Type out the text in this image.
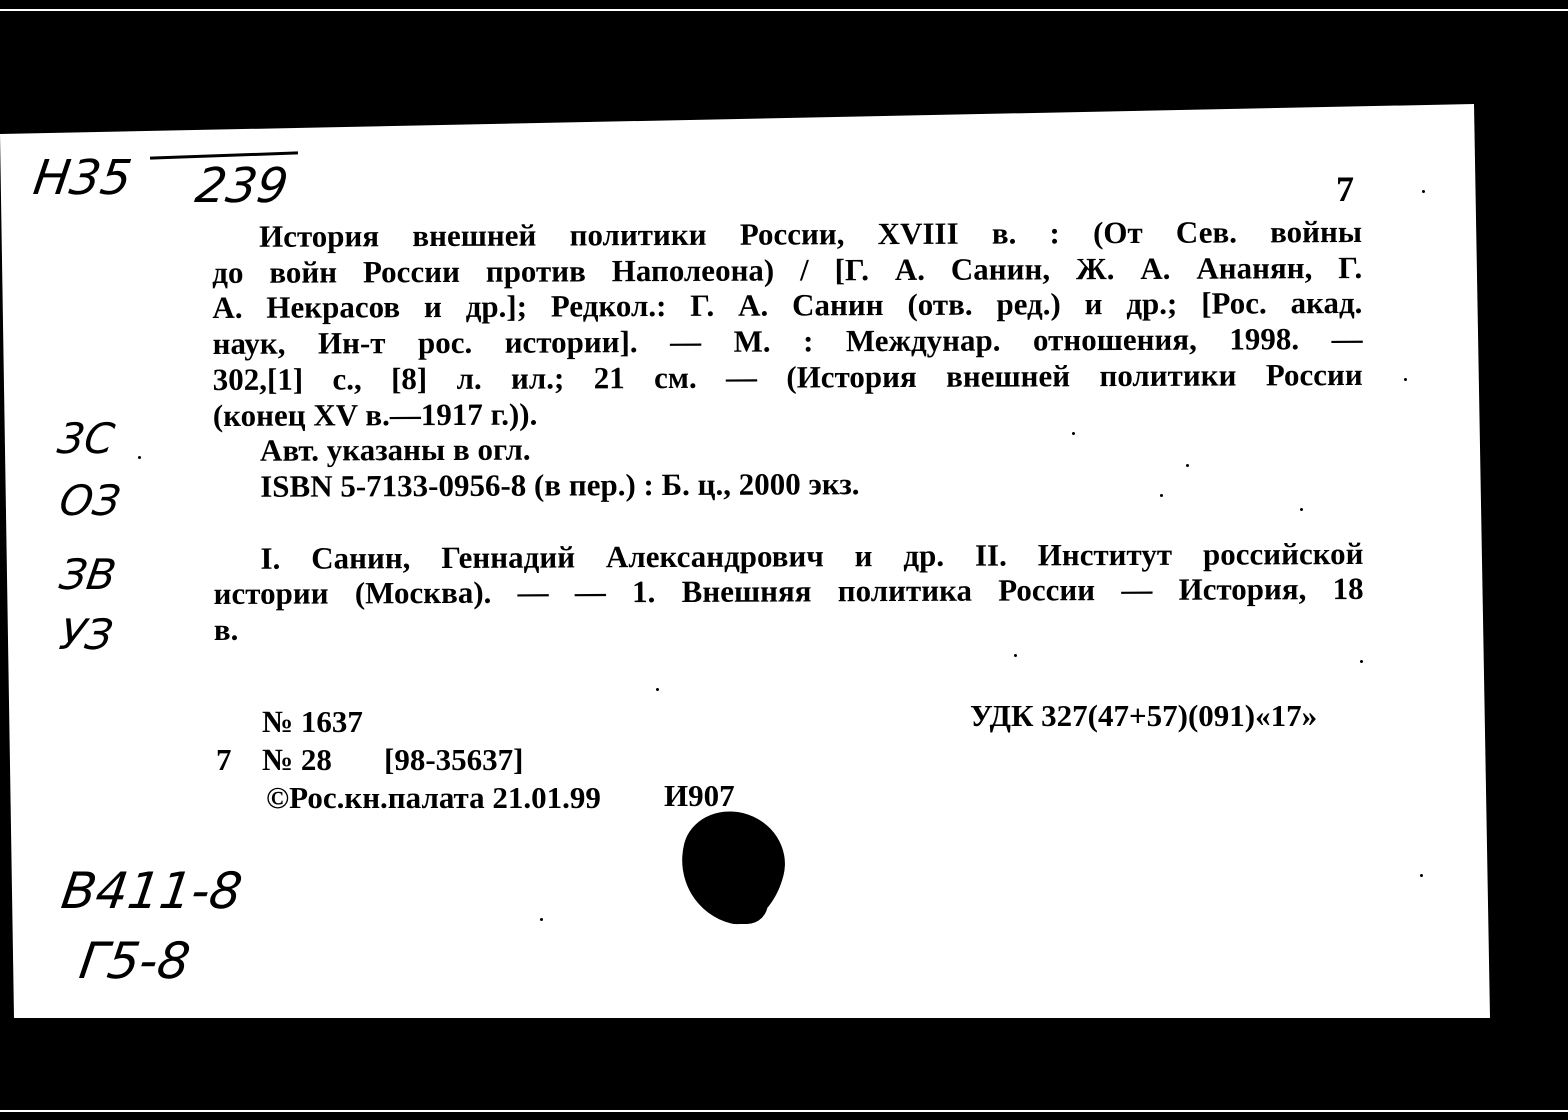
Н35 239
3С
ОЗ
ЗВ
УЗ
В411-8
Г5-8
7
История внешней политики России, XVIII в. : (От Сев. войны
до войн России против Наполеона) / [Г. А. Санин, Ж. А. Ананян, Г.
А. Некрасов и др.]; Редкол.: Г. А. Санин (отв. ред.) и др.; [Рос. акад.
наук, Ин-т рос. истории]. — М. : Междунар. отношения, 1998. —
302,[1] с., [8] л. ил.; 21 см. — (История внешней политики России
(конец XV в.—1917 г.)).
Авт. указаны в огл.
ISBN 5-7133-0956-8 (в пер.) : Б. ц., 2000 экз.
I. Санин, Геннадий Александрович и др. II. Институт российской
истории (Москва). — — 1. Внешняя политика России — История, 18
в.
№ 1637	УДК 327(47+57)(091)«17»
7 № 28 [98-35637]
©Рос.кн.палата 21.01.99 И907
